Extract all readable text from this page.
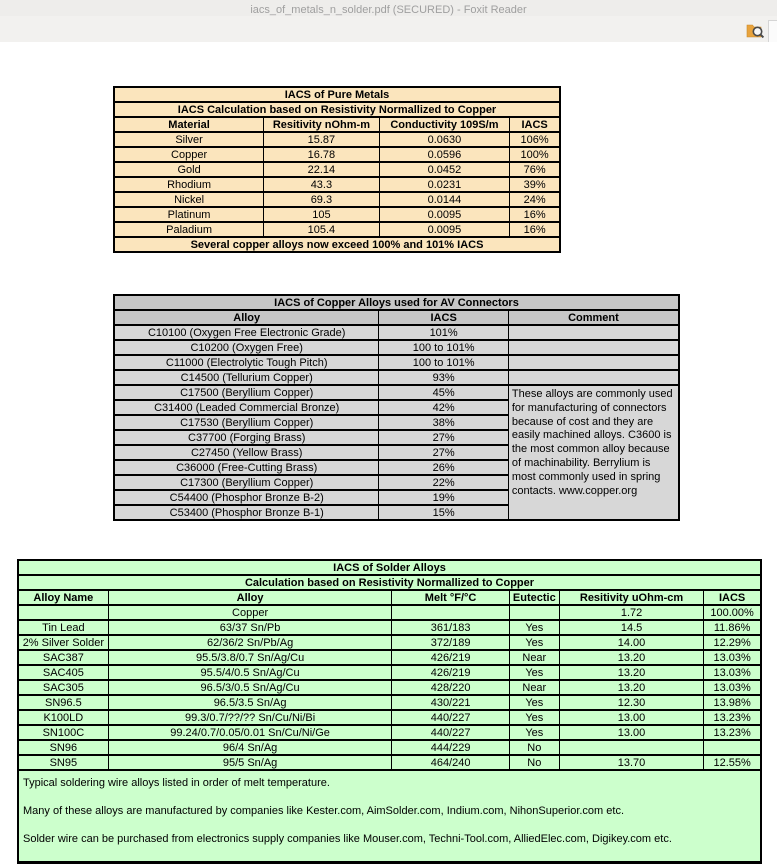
iacs_of_metals_n_solder.pdf (SECURED) - Foxit Reader
IACS of Pure Metals			
IACS Calculation based on Resistivity Normallized to Copper			
Material	Resitivity nOhm-m	Conductivity 109S/m	IACS
Silver	15.87	0.0630	106%
Copper	16.78	0.0596	100%
Gold	22.14	0.0452	76%
Rhodium	43.3	0.0231	39%
Nickel	69.3	0.0144	24%
Platinum	105	0.0095	16%
Paladium	105.4	0.0095	16%
Several copper alloys now exceed 100% and 101% IACS			
IACS of Copper Alloys used for AV Connectors		
Alloy	IACS	Comment
C10100 (Oxygen Free Electronic Grade)	101%	
C10200 (Oxygen Free)	100 to 101%	
C11000 (Electrolytic Tough Pitch)	100 to 101%	
C14500 (Tellurium Copper)	93%	
C17500 (Beryllium Copper)	45%	These alloys are commonly used for manufacturing of connectors because of cost and they are easily machined alloys. C3600 is the most common alloy because of machinability. Berrylium is most commonly used in spring contacts. www.copper.org
C31400 (Leaded Commercial Bronze)	42%	
C17530 (Beryllium Copper)	38%	
C37700 (Forging Brass)	27%	
C27450 (Yellow Brass)	27%	
C36000 (Free-Cutting Brass)	26%	
C17300 (Beryllium Copper)	22%	
C54400 (Phosphor Bronze B-2)	19%	
C53400 (Phosphor Bronze B-1)	15%	
IACS of Solder Alloys					
Calculation based on Resistivity Normallized to Copper					
Alloy Name	Alloy	Melt °F/°C	Eutectic	Resitivity uOhm-cm	IACS
	Copper			1.72	100.00%
Tin Lead	63/37 Sn/Pb	361/183	Yes	14.5	11.86%
2% Silver Solder	62/36/2 Sn/Pb/Ag	372/189	Yes	14.00	12.29%
SAC387	95.5/3.8/0.7 Sn/Ag/Cu	426/219	Near	13.20	13.03%
SAC405	95.5/4/0.5 Sn/Ag/Cu	426/219	Yes	13.20	13.03%
SAC305	96.5/3/0.5 Sn/Ag/Cu	428/220	Near	13.20	13.03%
SN96.5	96.5/3.5 Sn/Ag	430/221	Yes	12.30	13.98%
K100LD	99.3/0.7/??/?? Sn/Cu/Ni/Bi	440/227	Yes	13.00	13.23%
SN100C	99.24/0.7/0.05/0.01 Sn/Cu/Ni/Ge	440/227	Yes	13.00	13.23%
SN96	96/4 Sn/Ag	444/229	No		
SN95	95/5 Sn/Ag	464/240	No	13.70	12.55%

Typical soldering wire alloys listed in order of melt temperature.

Many of these alloys are manufactured by companies like Kester.com, AimSolder.com, Indium.com, NihonSuperior.com etc.

Solder wire can be purchased from electronics supply companies like Mouser.com, Techni-Tool.com, AlliedElec.com, Digikey.com etc.					
